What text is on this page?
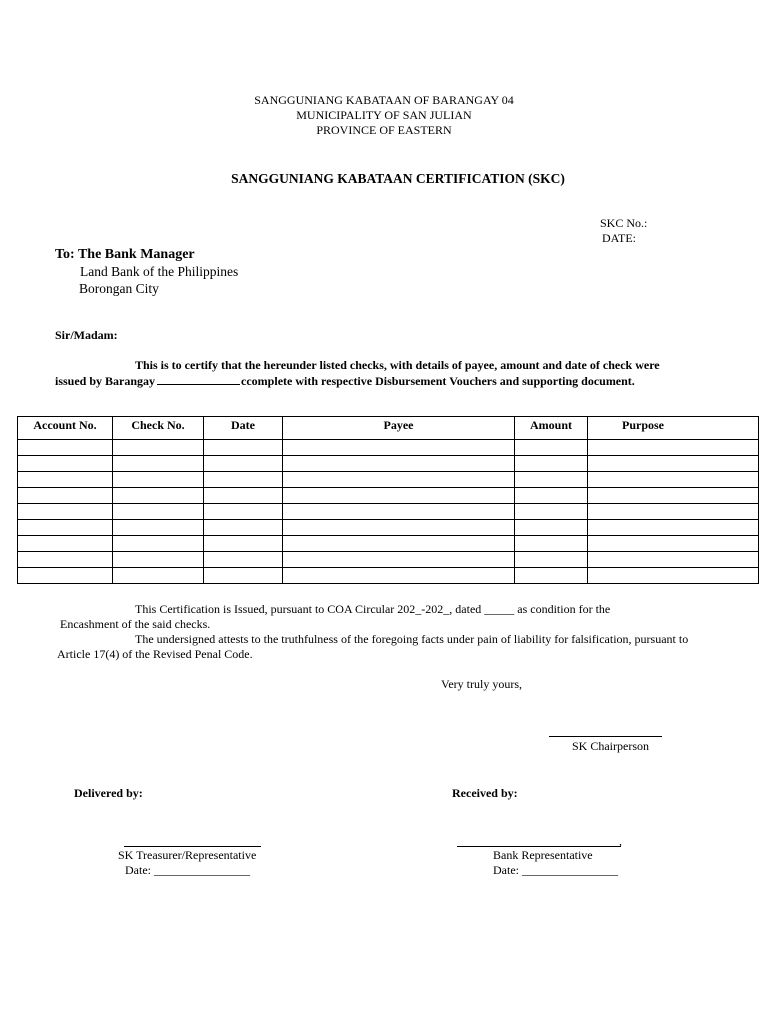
SANGGUNIANG KABATAAN OF BARANGAY 04
MUNICIPALITY OF SAN JULIAN
PROVINCE OF EASTERN
SANGGUNIANG KABATAAN CERTIFICATION (SKC)
SKC No.:
DATE:
To: The Bank Manager
Land Bank of the Philippines
Borongan City
Sir/Madam:
This is to certify that the hereunder listed checks, with details of payee, amount and date of check were
issued by Barangay	ccomplete with respective Disbursement Vouchers and supporting document.
Account No.	Check No.	Date	Payee	Amount	Purpose

This Certification is Issued, pursuant to COA Circular 202_-202_, dated _____ as condition for the
Encashment of the said checks.
The undersigned attests to the truthfulness of the foregoing facts under pain of liability for falsification, pursuant to
Article 17(4) of the Revised Penal Code.
Very truly yours,
SK Chairperson
Delivered by:
SK Treasurer/Representative
Date: ________________
Received by:
,
Bank Representative
Date: ________________
